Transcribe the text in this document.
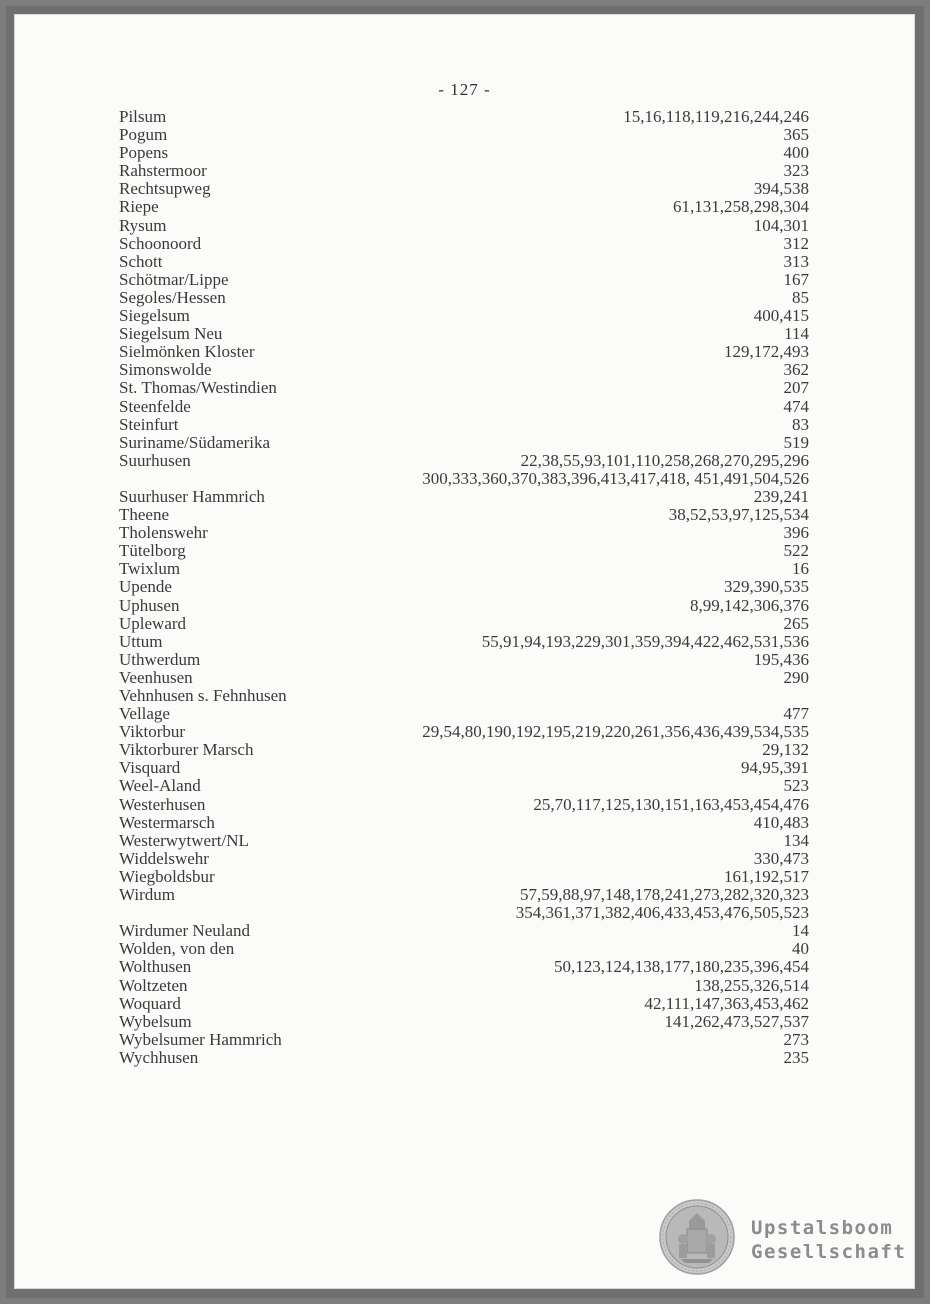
- 127 -
Pilsum	15,16,118,119,216,244,246
Pogum	365
Popens	400
Rahstermoor	323
Rechtsupweg	394,538
Riepe	61,131,258,298,304
Rysum	104,301
Schoonoord	312
Schott	313
Schötmar/Lippe	167
Segoles/Hessen	85
Siegelsum	400,415
Siegelsum Neu	114
Sielmönken Kloster	129,172,493
Simonswolde	362
St. Thomas/Westindien	207
Steenfelde	474
Steinfurt	83
Suriname/Südamerika	519
Suurhusen	22,38,55,93,101,110,258,268,270,295,296
300,333,360,370,383,396,413,417,418, 451,491,504,526
Suurhuser Hammrich	239,241
Theene	38,52,53,97,125,534
Tholenswehr	396
Tütelborg	522
Twixlum	16
Upende	329,390,535
Uphusen	8,99,142,306,376
Upleward	265
Uttum	55,91,94,193,229,301,359,394,422,462,531,536
Uthwerdum	195,436
Veenhusen	290
Vehnhusen s. Fehnhusen
Vellage	477
Viktorbur	29,54,80,190,192,195,219,220,261,356,436,439,534,535
Viktorburer Marsch	29,132
Visquard	94,95,391
Weel-Aland	523
Westerhusen	25,70,117,125,130,151,163,453,454,476
Westermarsch	410,483
Westerwytwert/NL	134
Widdelswehr	330,473
Wiegboldsbur	161,192,517
Wirdum	57,59,88,97,148,178,241,273,282,320,323
354,361,371,382,406,433,453,476,505,523
Wirdumer Neuland	14
Wolden, von den	40
Wolthusen	50,123,124,138,177,180,235,396,454
Woltzeten	138,255,326,514
Woquard	42,111,147,363,453,462
Wybelsum	141,262,473,527,537
Wybelsumer Hammrich	273
Wychhusen	235
Upstalsboom
Gesellschaft
